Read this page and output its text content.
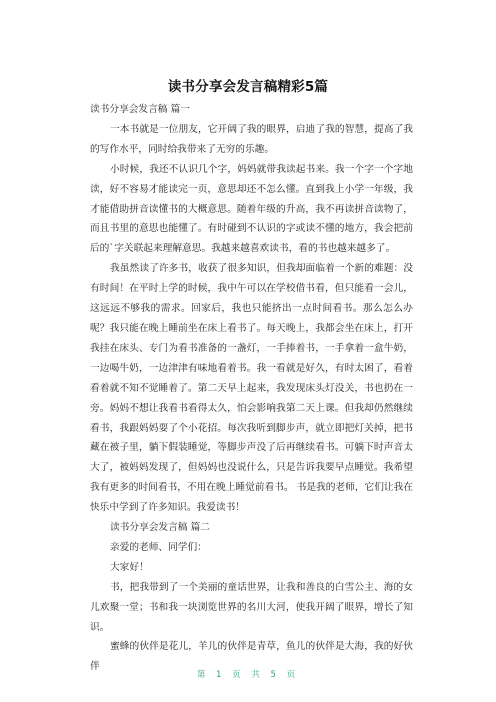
读书分享会发言稿精彩5篇

读书分享会发言稿 篇一

一本书就是一位朋友，它开阔了我的眼界，启迪了我的智慧，提高了我的写作水平，同时给我带来了无穷的乐趣。

小时候，我还不认识几个字，妈妈就带我读起书来。我一个字一个字地读，好不容易才能读完一页，意思却还不怎么懂。直到我上小学一年级，我才能借助拼音读懂书的大概意思。随着年级的升高，我不再读拼音读物了，而且书里的意思也能懂了。有时碰到不认识的字或读不懂的地方，我会把前后的`字关联起来理解意思。我越来越喜欢读书，看的书也越来越多了。

我虽然读了许多书，收获了很多知识，但我却面临着一个新的难题：没有时间！在平时上学的时候，我中午可以在学校借书看，但只能看一会儿，这远远不够我的需求。回家后，我也只能挤出一点时间看书。那么怎么办呢？我只能在晚上睡前坐在床上看书了。每天晚上，我都会坐在床上，打开我挂在床头、专门为看书准备的一盏灯，一手捧着书，一手拿着一盒牛奶，一边喝牛奶，一边津津有味地看着书。我一看就是好久，有时太困了，看着看着就不知不觉睡着了。第二天早上起来，我发现床头灯没关，书也扔在一旁。妈妈不想让我看书看得太久，怕会影响我第二天上课。但我却仍然继续看书，我跟妈妈耍了个小花招。每次我听到脚步声，就立即把灯关掉，把书藏在被子里，躺下假装睡觉，等脚步声没了后再继续看书。可躺下时声音太大了，被妈妈发现了，但妈妈也没说什么，只是告诉我要早点睡觉。我希望我有更多的时间看书，不用在晚上睡觉前看书。 书是我的老师，它们让我在快乐中学到了许多知识。我爱读书！

读书分享会发言稿 篇二

亲爱的老师、同学们：

大家好！

书，把我带到了一个美丽的童话世界，让我和善良的白雪公主、海的女儿欢聚一堂；书和我一块浏览世界的名川大河，使我开阔了眼界，增长了知识。

蜜蜂的伙伴是花儿，羊儿的伙伴是青草，鱼儿的伙伴是大海，我的好伙伴

第 1 页 共 5 页
